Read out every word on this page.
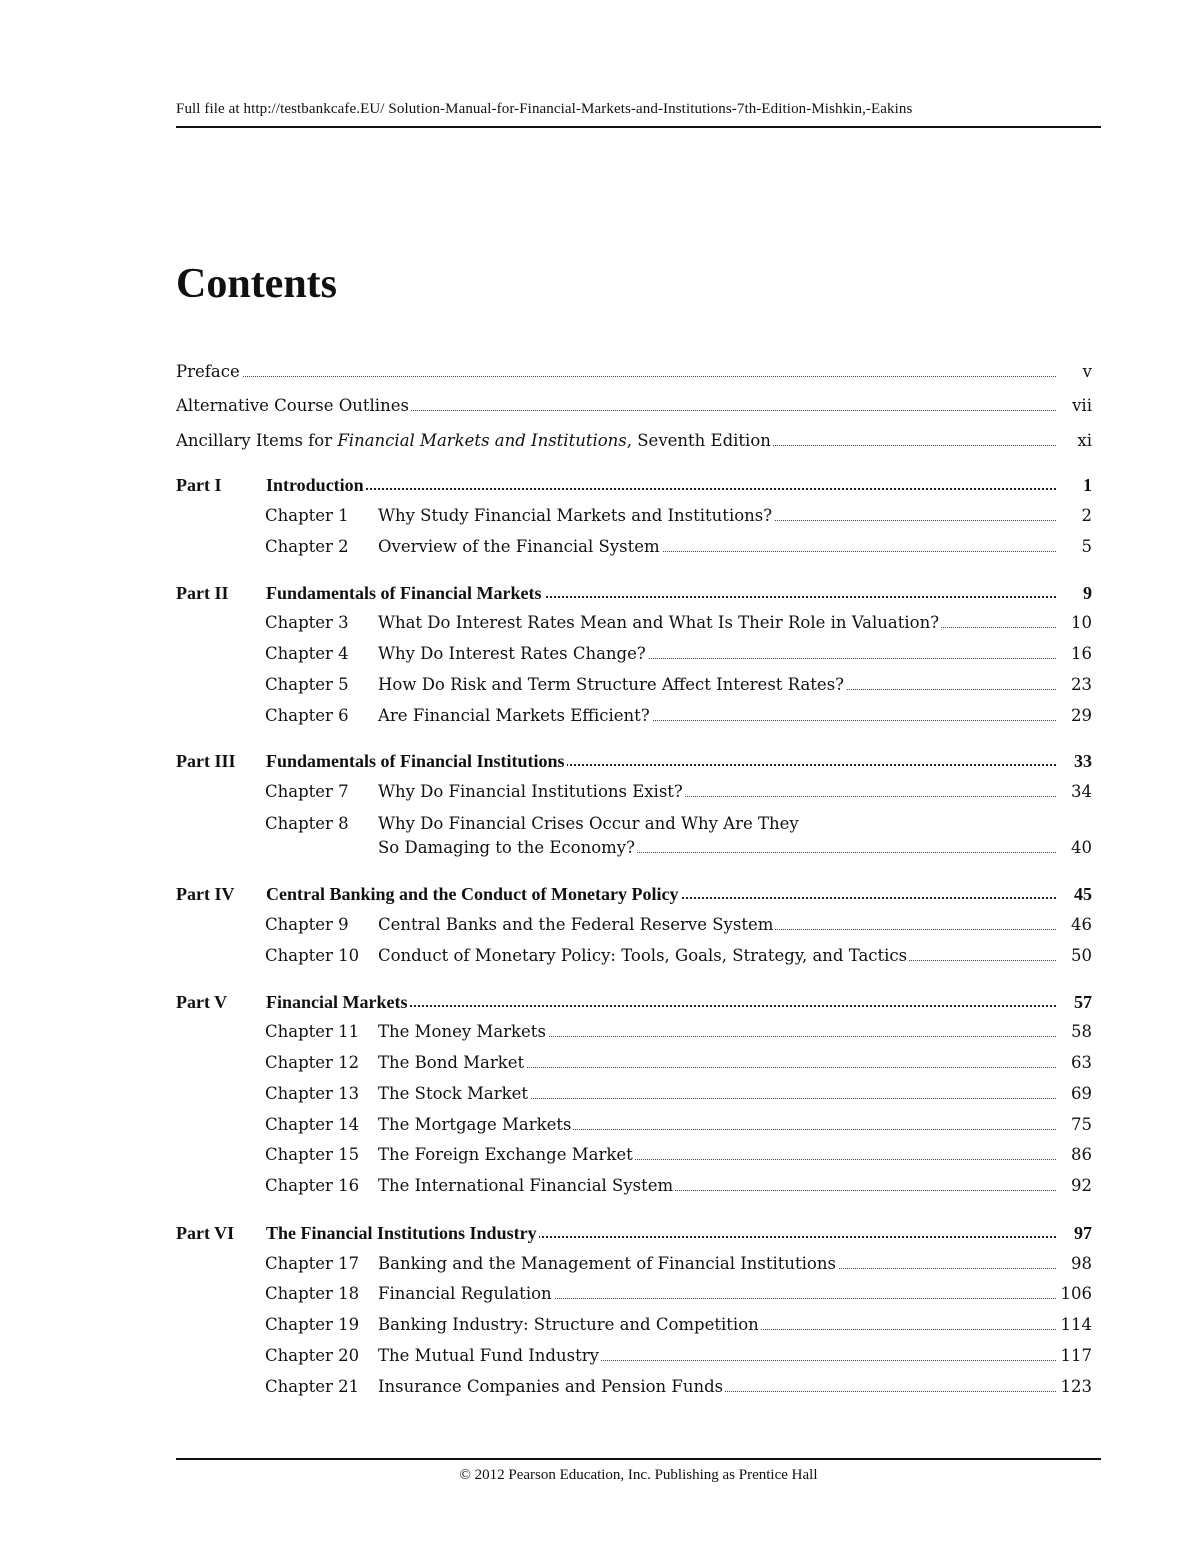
Full file at http://testbankcafe.EU/ Solution-Manual-for-Financial-Markets-and-Institutions-7th-Edition-Mishkin,-Eakins
Contents
Preface	v
Alternative Course Outlines	vii
Ancillary Items for Financial Markets and Institutions, Seventh Edition	xi
Part I Introduction	1
Chapter 1 Why Study Financial Markets and Institutions?	2
Chapter 2 Overview of the Financial System	5
Part II Fundamentals of Financial Markets	9
Chapter 3 What Do Interest Rates Mean and What Is Their Role in Valuation?	10
Chapter 4 Why Do Interest Rates Change?	16
Chapter 5 How Do Risk and Term Structure Affect Interest Rates?	23
Chapter 6 Are Financial Markets Efficient?	29
Part III Fundamentals of Financial Institutions	33
Chapter 7 Why Do Financial Institutions Exist?	34
Chapter 8 Why Do Financial Crises Occur and Why Are They
So Damaging to the Economy?	40
Part IV Central Banking and the Conduct of Monetary Policy	45
Chapter 9 Central Banks and the Federal Reserve System	46
Chapter 10 Conduct of Monetary Policy: Tools, Goals, Strategy, and Tactics	50
Part V Financial Markets	57
Chapter 11 The Money Markets	58
Chapter 12 The Bond Market	63
Chapter 13 The Stock Market	69
Chapter 14 The Mortgage Markets	75
Chapter 15 The Foreign Exchange Market	86
Chapter 16 The International Financial System	92
Part VI The Financial Institutions Industry	97
Chapter 17 Banking and the Management of Financial Institutions	98
Chapter 18 Financial Regulation	106
Chapter 19 Banking Industry: Structure and Competition	114
Chapter 20 The Mutual Fund Industry	117
Chapter 21 Insurance Companies and Pension Funds	123
© 2012 Pearson Education, Inc. Publishing as Prentice Hall
